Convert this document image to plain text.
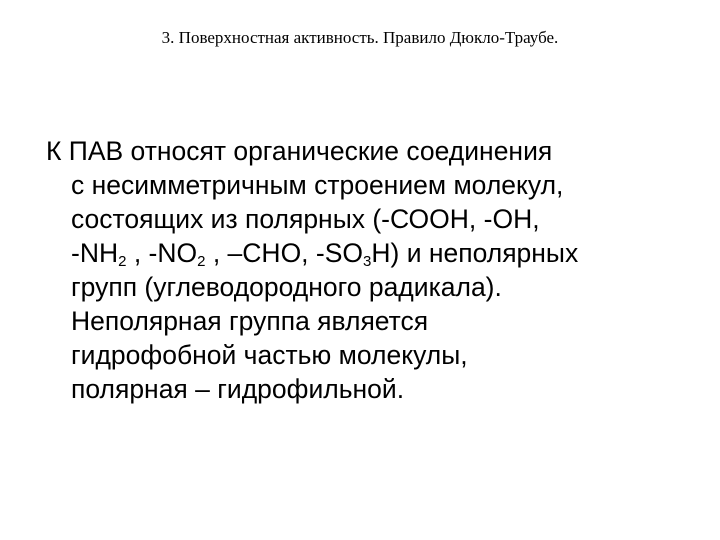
3. Поверхностная активность. Правило Дюкло-Траубе.
К ПАВ относят органические соединения
с несимметричным строением молекул,
состоящих из полярных (-СООН, -ОН,
$-NH_2$ , $-NO_2$ , –СНО, $-SO_3H$) и неполярных
групп (углеводородного радикала).
Неполярная группа является
гидрофобной частью молекулы,
полярная – гидрофильной.
